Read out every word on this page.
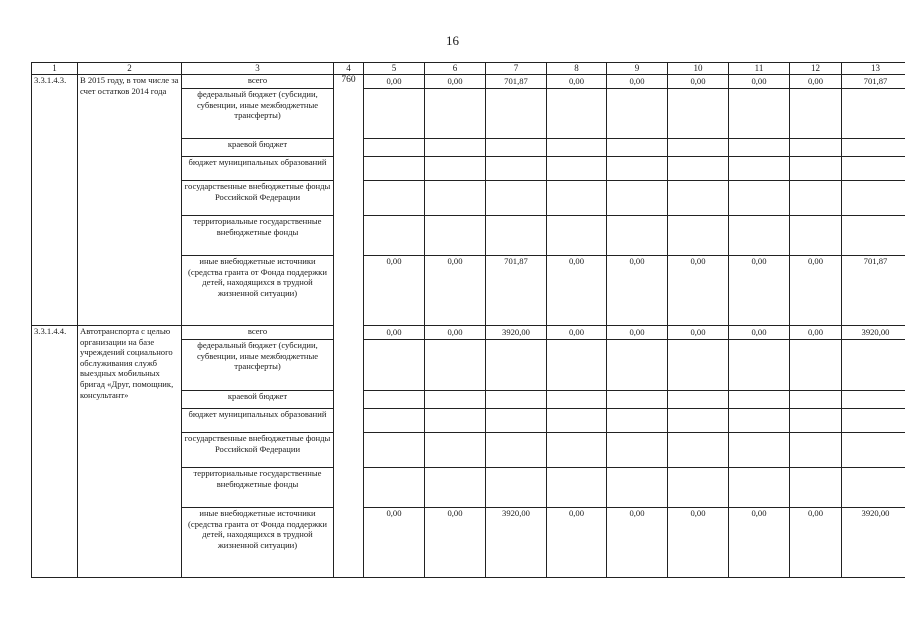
16
1	2	3	4	5	6	7	8	9	10	11	12	13
3.3.1.4.3.	В 2015 году, в том числе за счет остатков 2014 года	всего	760	0,00	0,00	701,87	0,00	0,00	0,00	0,00	0,00	701,87
		федеральный бюджет (субсидии, субвенции, иные межбюджетные трансферты)										
		краевой бюджет										
		бюджет муниципальных образований										
		государственные внебюджетные фонды Российской Федерации										
		территориальные государственные внебюджетные фонды										
		иные внебюджетные источники (средства гранта от Фонда поддержки детей, находящихся в трудной жизненной ситуации)		0,00	0,00	701,87	0,00	0,00	0,00	0,00	0,00	701,87
3.3.1.4.4.	Автотранспорта с целью организации на базе учреждений социального обслуживания служб выездных мобильных бригад «Друг, помощник, консультант»	всего		0,00	0,00	3920,00	0,00	0,00	0,00	0,00	0,00	3920,00
		федеральный бюджет (субсидии, субвенции, иные межбюджетные трансферты)										
		краевой бюджет										
		бюджет муниципальных образований										
		государственные внебюджетные фонды Российской Федерации										
		территориальные государственные внебюджетные фонды										
		иные внебюджетные источники (средства гранта от Фонда поддержки детей, находящихся в трудной жизненной ситуации)		0,00	0,00	3920,00	0,00	0,00	0,00	0,00	0,00	3920,00
